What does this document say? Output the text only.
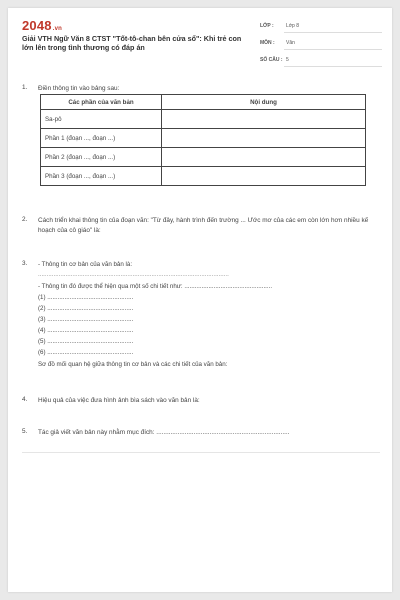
2048.vn
Giải VTH Ngữ Văn 8 CTST "Tốt-tô-chan bên cửa sổ": Khi trẻ con lớn lên trong tình thương có đáp án
LỚP : Lớp 8
MÔN : Văn
SỐ CÂU : 5
1. Điền thông tin vào bảng sau:
Các phần của văn bản	Nội dung
Sa-pô	
Phần 1 (đoạn ..., đoạn ...)	
Phần 2 (đoạn ..., đoạn ...)	
Phần 3 (đoạn ..., đoạn ...)	
2. Cách triển khai thông tin của đoạn văn: "Từ đây, hành trình đến trường ... Ước mơ của các em còn lớn hơn nhiều kế hoạch của cô giáo" là:
3. - Thông tin cơ bản của văn bản là:
...............................................................................................................
- Thông tin đó được thể hiện qua một số chi tiết như: ...................................................
(1) ..................................................
(2) ..................................................
(3) ..................................................
(4) ..................................................
(5) ..................................................
(6) ..................................................
Sơ đồ mối quan hệ giữa thông tin cơ bản và các chi tiết của văn bản:
4. Hiệu quả của việc đưa hình ảnh bìa sách vào văn bản là:
5. Tác giả viết văn bản này nhằm mục đích: ...........................................................................
